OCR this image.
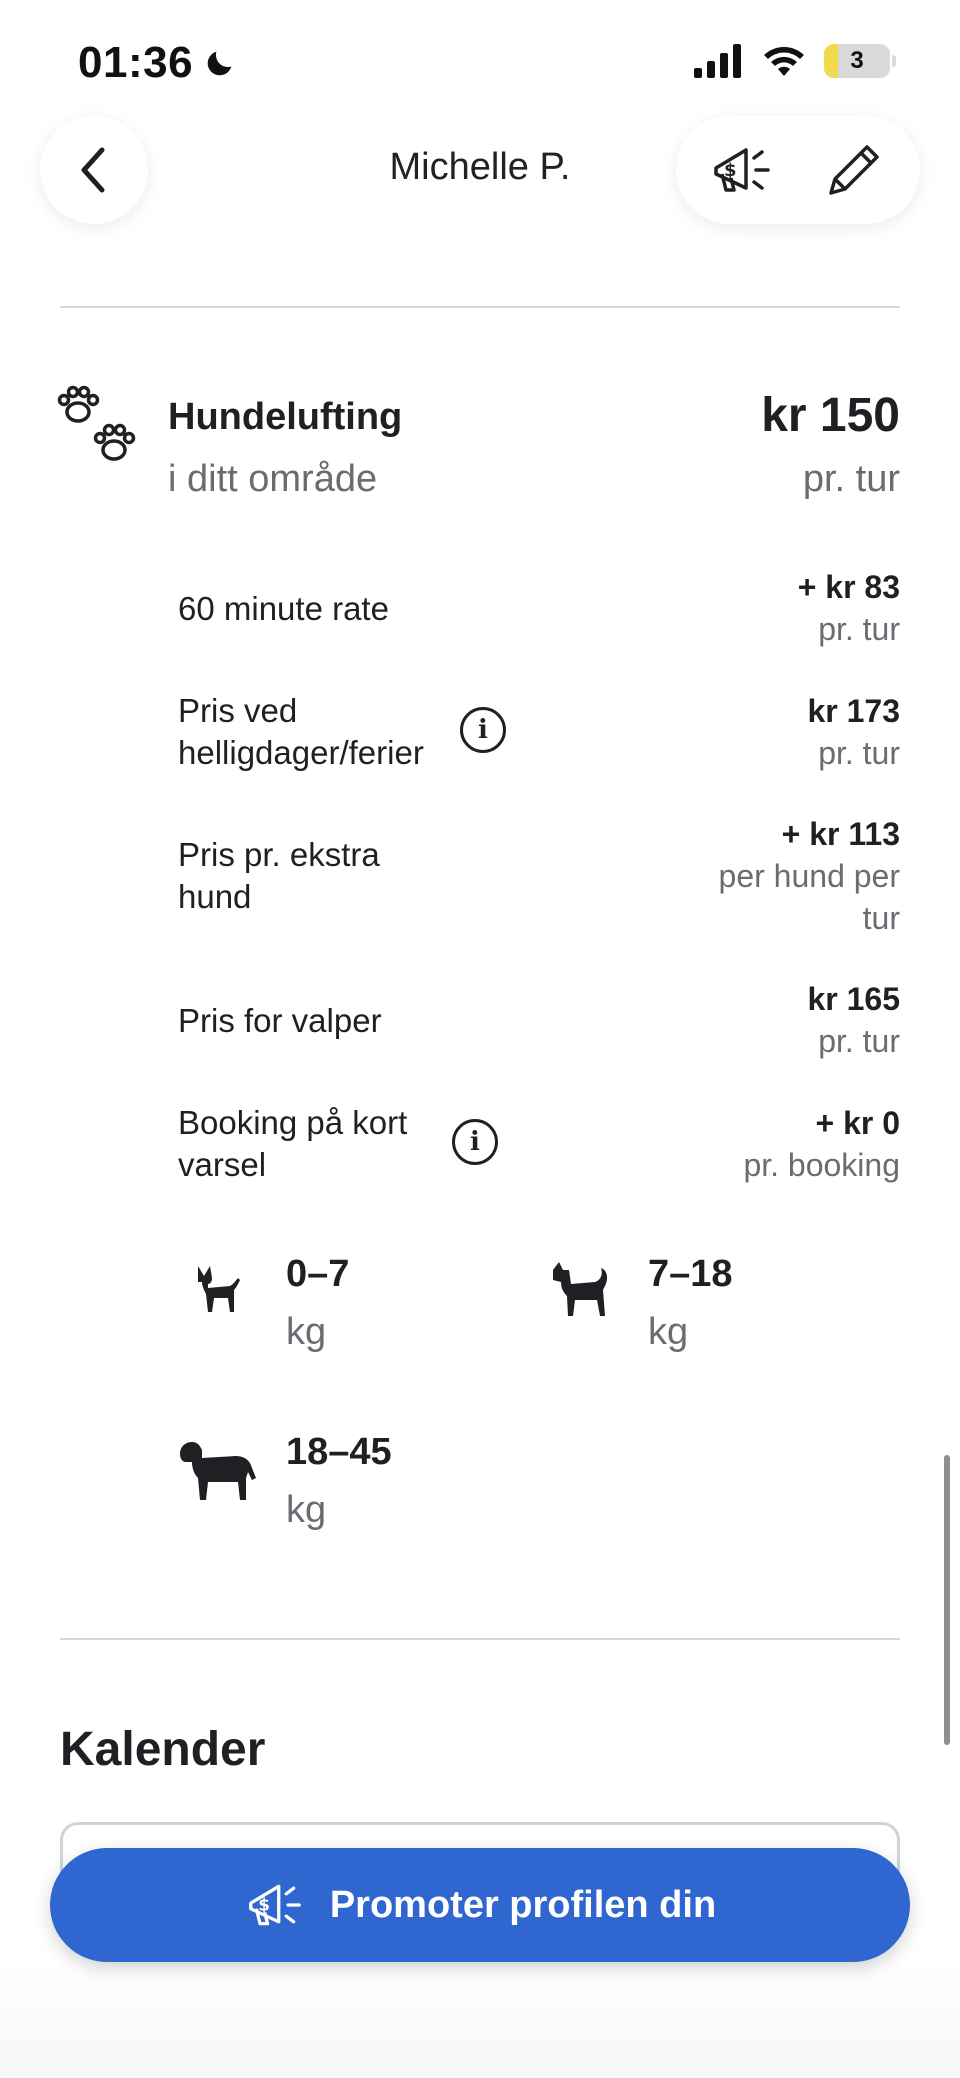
01:36	3
Michelle P.	$
Hundelufting
i ditt område
kr 150
pr. tur
60 minute rate
+ kr 83
pr. tur
Pris ved
helligdager/ferier
i
kr 173
pr. tur
Pris pr. ekstra
hund
+ kr 113
per hund per
tur
Pris for valper
kr 165
pr. tur
Booking på kort
varsel
i
+ kr 0
pr. booking
0–7
kg
7–18
kg
18–45
kg
Kalender
$ Promoter profilen din
